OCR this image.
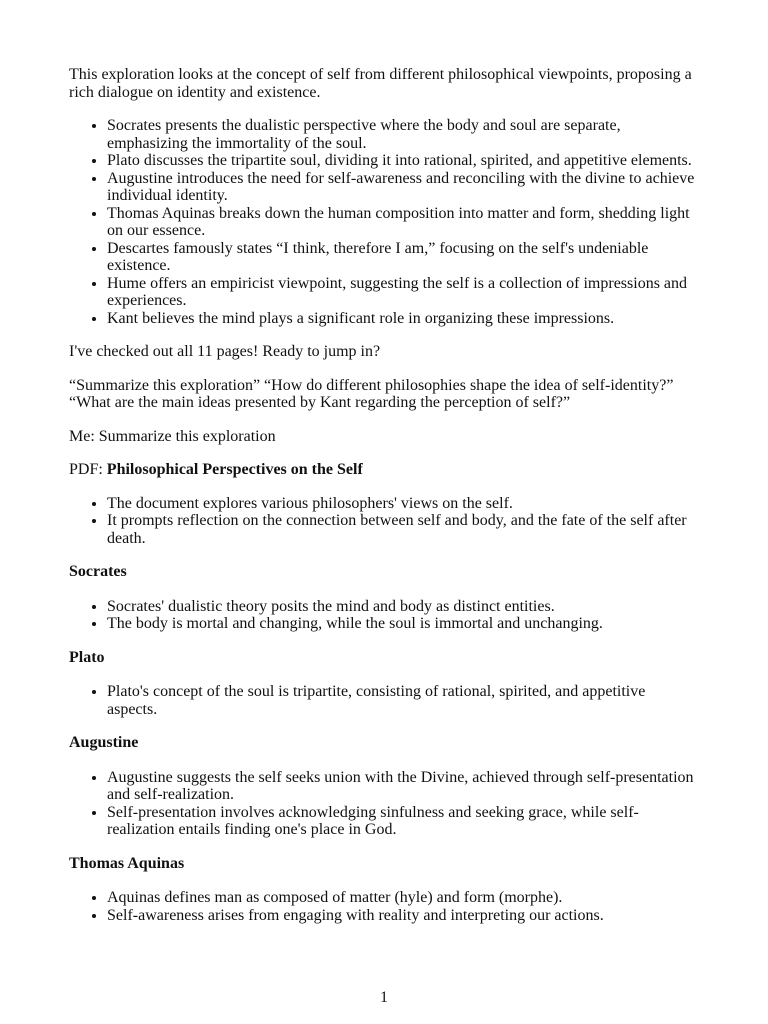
This exploration looks at the concept of self from different philosophical viewpoints, proposing a rich dialogue on identity and existence.

• Socrates presents the dualistic perspective where the body and soul are separate, emphasizing the immortality of the soul.
• Plato discusses the tripartite soul, dividing it into rational, spirited, and appetitive elements.
• Augustine introduces the need for self-awareness and reconciling with the divine to achieve individual identity.
• Thomas Aquinas breaks down the human composition into matter and form, shedding light on our essence.
• Descartes famously states “I think, therefore I am,” focusing on the self's undeniable existence.
• Hume offers an empiricist viewpoint, suggesting the self is a collection of impressions and experiences.
• Kant believes the mind plays a significant role in organizing these impressions.

I've checked out all 11 pages! Ready to jump in?

“Summarize this exploration” “How do different philosophies shape the idea of self-identity?” “What are the main ideas presented by Kant regarding the perception of self?”

Me: Summarize this exploration

PDF: Philosophical Perspectives on the Self

• The document explores various philosophers' views on the self.
• It prompts reflection on the connection between self and body, and the fate of the self after death.

Socrates

• Socrates' dualistic theory posits the mind and body as distinct entities.
• The body is mortal and changing, while the soul is immortal and unchanging.

Plato

• Plato's concept of the soul is tripartite, consisting of rational, spirited, and appetitive aspects.

Augustine

• Augustine suggests the self seeks union with the Divine, achieved through self-presentation and self-realization.
• Self-presentation involves acknowledging sinfulness and seeking grace, while self-realization entails finding one's place in God.

Thomas Aquinas

• Aquinas defines man as composed of matter (hyle) and form (morphe).
• Self-awareness arises from engaging with reality and interpreting our actions.
1
